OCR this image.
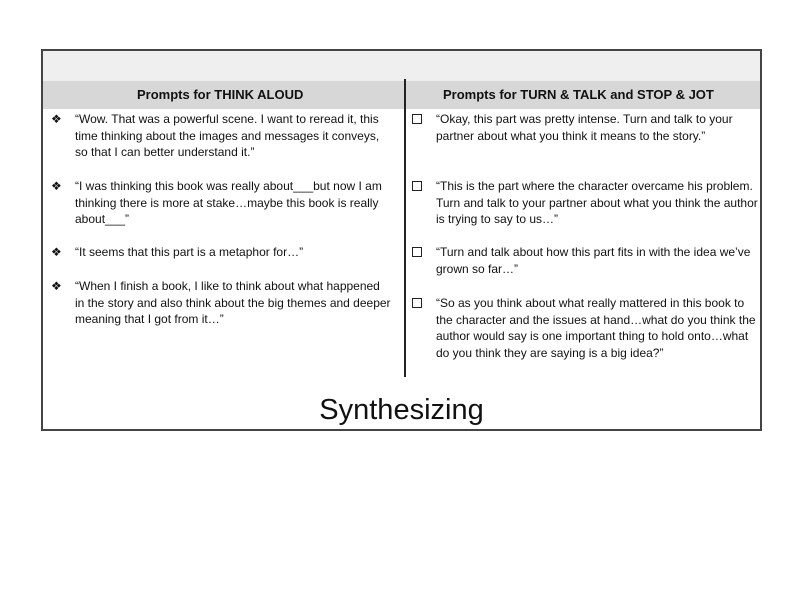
Prompts for THINK ALOUD	Prompts for TURN & TALK and STOP & JOT
❖ “Wow. That was a powerful scene. I want to reread it, this time thinking about the images and messages it conveys, so that I can better understand it.”
❖ “I was thinking this book was really about___but now I am thinking there is more at stake…maybe this book is really about___”
❖ “It seems that this part is a metaphor for…”
❖ “When I finish a book, I like to think about what happened in the story and also think about the big themes and deeper meaning that I got from it…”
“Okay, this part was pretty intense. Turn and talk to your partner about what you think it means to the story.”
“This is the part where the character overcame his problem. Turn and talk to your partner about what you think the author is trying to say to us…”
“Turn and talk about how this part fits in with the idea we’ve grown so far…”
“So as you think about what really mattered in this book to the character and the issues at hand…what do you think the author would say is one important thing to hold onto…what do you think they are saying is a big idea?”
Synthesizing
